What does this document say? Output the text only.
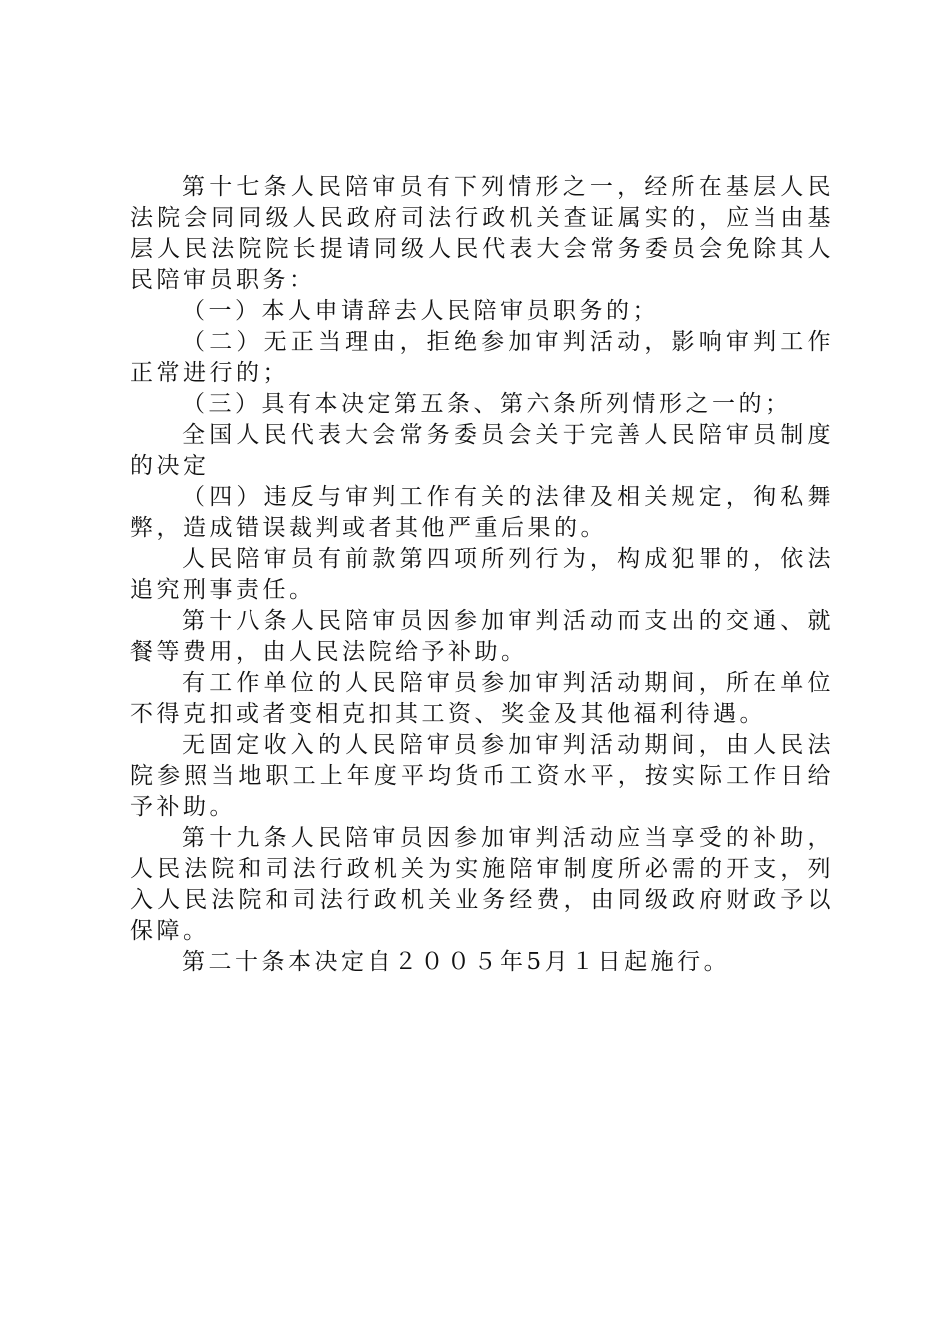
第十七条人民陪审员有下列情形之一，经所在基层人民法院会同同级人民政府司法行政机关查证属实的，应当由基层人民法院院长提请同级人民代表大会常务委员会免除其人民陪审员职务：

（一）本人申请辞去人民陪审员职务的；

（二）无正当理由，拒绝参加审判活动，影响审判工作正常进行的；

（三）具有本决定第五条、第六条所列情形之一的；

全国人民代表大会常务委员会关于完善人民陪审员制度的决定

（四）违反与审判工作有关的法律及相关规定，徇私舞弊，造成错误裁判或者其他严重后果的。

人民陪审员有前款第四项所列行为，构成犯罪的，依法追究刑事责任。

第十八条人民陪审员因参加审判活动而支出的交通、就餐等费用，由人民法院给予补助。

有工作单位的人民陪审员参加审判活动期间，所在单位不得克扣或者变相克扣其工资、奖金及其他福利待遇。

无固定收入的人民陪审员参加审判活动期间，由人民法院参照当地职工上年度平均货币工资水平，按实际工作日给予补助。

第十九条人民陪审员因参加审判活动应当享受的补助，人民法院和司法行政机关为实施陪审制度所必需的开支，列入人民法院和司法行政机关业务经费，由同级政府财政予以保障。

第二十条本决定自２００５年5月１日起施行。
